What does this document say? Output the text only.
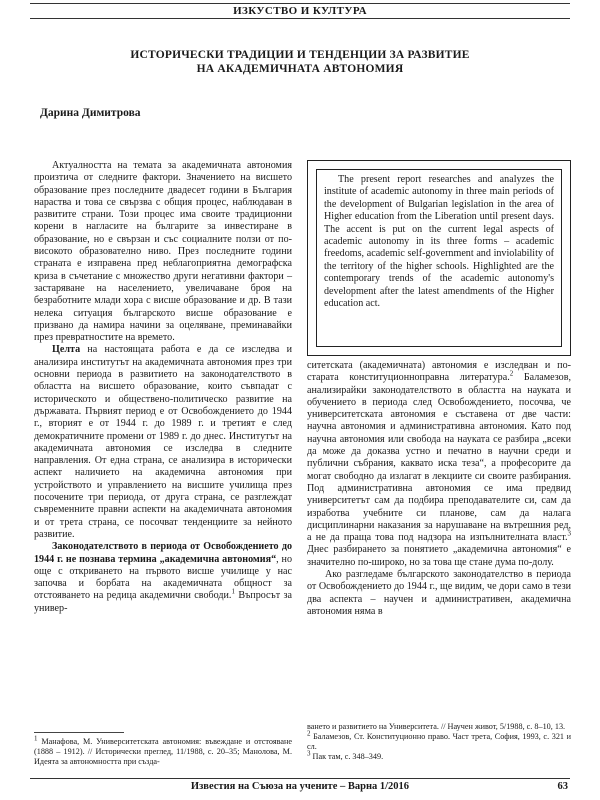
ИЗКУСТВО И КУЛТУРА
ИСТОРИЧЕСКИ ТРАДИЦИИ И ТЕНДЕНЦИИ ЗА РАЗВИТИЕ
НА АКАДЕМИЧНАТА АВТОНОМИЯ
Дарина Димитрова

Актуалността на темата за академичната автономия произтича от следните фактори. Значението на висшето образование през последните двадесет години в България нараства и това се свързва с общия процес, наблюдаван в развитите страни. Този процес има своите традиционни корени в нагласите на българите за инвестиране в образование, но е свързан и със социалните ползи от по-високото образователно ниво. През последните години страната е изправена пред неблагоприятна демографска криза в съчетание с множество други негативни фактори – застаряване на населението, увеличаване броя на безработните млади хора с висше образование и др. В тази нелека ситуация българското висше образование е призвано да намира начини за оцеляване, преминавайки през превратностите на времето.

Целта на настоящата работа е да се изследва и анализира институтът на академичната автономия през три основни периода в развитието на законодателството в областта на висшето образование, които съвпадат с историческото и обществено-политическо развитие на държавата. Първият период е от Освобождението до 1944 г., вторият е от 1944 г. до 1989 г. и третият е след демократичните промени от 1989 г. до днес. Институтът на академичната автономия се изследва в следните направления. От една страна, се анализира в исторически аспект наличието на академична автономия при устройството и управлението на висшите училища през посочените три периода, от друга страна, се разглеждат съвременните правни аспекти на академичната автономия и от трета страна, се посочват тенденциите за нейното развитие.

Законодателството в периода от Освобождението до 1944 г. не познава термина „академична автономия“, но още с откриването на първото висше училище у нас започва и борбата на академичната общност за отстояването на редица академични свободи.$^1$ Въпросът за универ-

The present report researches and analyzes the institute of academic autonomy in three main periods of the development of Bulgarian legislation in the area of Higher education from the Liberation until present days. The accent is put on the current legal aspects of academic autonomy in its three forms – academic freedoms, academic self-government and inviolability of the territory of the higher schools. Highlighted are the contemporary trends of the academic autonomy's development after the latest amendments of the Higher education act.

ситетската (академичната) автономия е изследван и по-старата конституционноправна литература.$^2$ Баламезов, анализирайки законодателството в областта на науката и обучението в периода след Освобождението, посочва, че университетската автономия е съставена от две части: научна автономия и административна автономия. Като под научна автономия или свобода на науката се разбира „всеки да може да доказва устно и печатно в научни среди и публични събрания, каквато иска теза“, а професорите да могат свободно да излагат в лекциите си своите разбирания. Под административна автономия се има предвид университетът сам да подбира преподавателите си, сам да изработва учебните си планове, сам да налага дисциплинарни наказания за нарушаване на вътрешния ред, а не да праща това под надзора на изпълнителната власт.$^3$ Днес разбирането за понятието „академична автономия“ е значително по-широко, но за това ще стане дума по-долу.

Ако разгледаме българското законодателство в периода от Освобождението до 1944 г., ще видим, че дори само в тези два аспекта – научен и административен, академична автономия няма в

$^1$ Манафова, М. Университетската автономия: въвеждане и отстояване (1888 – 1912). // Исторически преглед, 11/1988, с. 20–35; Манолова, М. Идеята за автономността при създа-

ването и развитието на Университета. // Научен живот, 5/1988, с. 8–10, 13.

$^2$ Баламезов, Ст. Конституционно право. Част трета, София, 1993, с. 321 и сл.

$^3$ Пак там, с. 348–349.

Известия на Съюза на учените – Варна 1/2016	63
